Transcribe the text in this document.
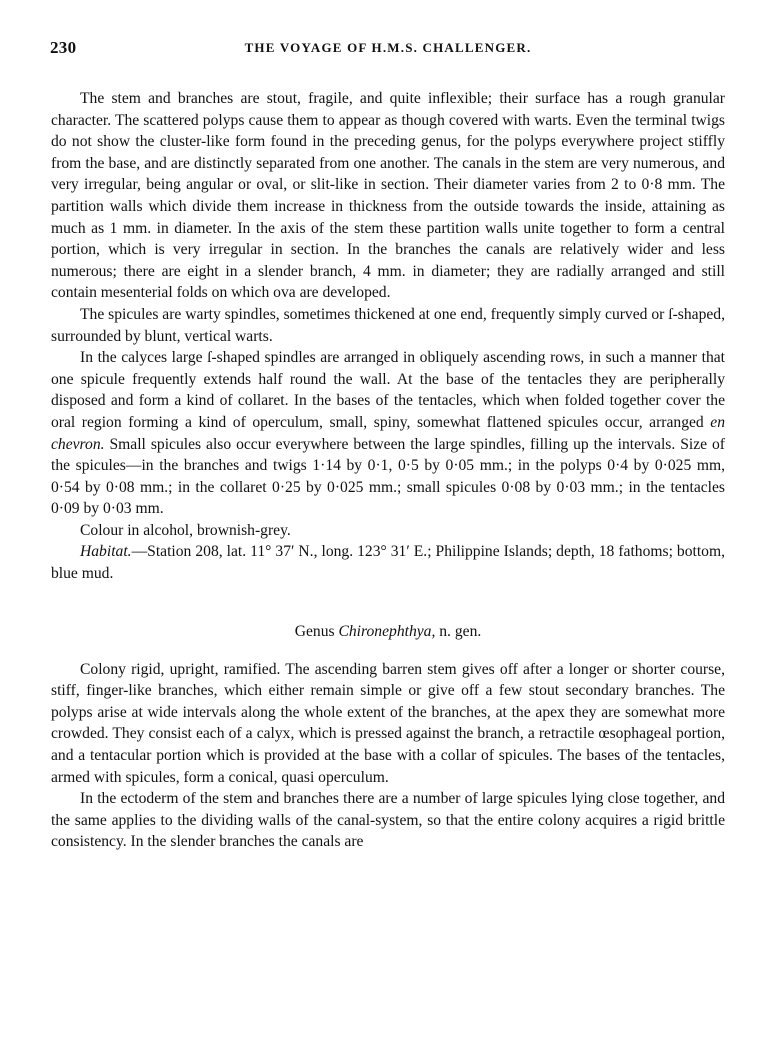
230	THE VOYAGE OF H.M.S. CHALLENGER.

The stem and branches are stout, fragile, and quite inflexible; their surface has a rough granular character. The scattered polyps cause them to appear as though covered with warts. Even the terminal twigs do not show the cluster-like form found in the preceding genus, for the polyps everywhere project stiffly from the base, and are distinctly separated from one another. The canals in the stem are very numerous, and very irregular, being angular or oval, or slit-like in section. Their diameter varies from 2 to 0·8 mm. The partition walls which divide them increase in thickness from the outside towards the inside, attaining as much as 1 mm. in diameter. In the axis of the stem these partition walls unite together to form a central portion, which is very irregular in section. In the branches the canals are relatively wider and less numerous; there are eight in a slender branch, 4 mm. in diameter; they are radially arranged and still contain mesenterial folds on which ova are developed.

The spicules are warty spindles, sometimes thickened at one end, frequently simply curved or ſ-shaped, surrounded by blunt, vertical warts.

In the calyces large ſ-shaped spindles are arranged in obliquely ascending rows, in such a manner that one spicule frequently extends half round the wall. At the base of the tentacles they are peripherally disposed and form a kind of collaret. In the bases of the tentacles, which when folded together cover the oral region forming a kind of operculum, small, spiny, somewhat flattened spicules occur, arranged en chevron. Small spicules also occur everywhere between the large spindles, filling up the intervals. Size of the spicules—in the branches and twigs 1·14 by 0·1, 0·5 by 0·05 mm.; in the polyps 0·4 by 0·025 mm, 0·54 by 0·08 mm.; in the collaret 0·25 by 0·025 mm.; small spicules 0·08 by 0·03 mm.; in the tentacles 0·09 by 0·03 mm.

Colour in alcohol, brownish-grey.

Habitat.—Station 208, lat. 11° 37′ N., long. 123° 31′ E.; Philippine Islands; depth, 18 fathoms; bottom, blue mud.

Genus Chironephthya, n. gen.

Colony rigid, upright, ramified. The ascending barren stem gives off after a longer or shorter course, stiff, finger-like branches, which either remain simple or give off a few stout secondary branches. The polyps arise at wide intervals along the whole extent of the branches, at the apex they are somewhat more crowded. They consist each of a calyx, which is pressed against the branch, a retractile œsophageal portion, and a tentacular portion which is provided at the base with a collar of spicules. The bases of the tentacles, armed with spicules, form a conical, quasi operculum.

In the ectoderm of the stem and branches there are a number of large spicules lying close together, and the same applies to the dividing walls of the canal-system, so that the entire colony acquires a rigid brittle consistency. In the slender branches the canals are
